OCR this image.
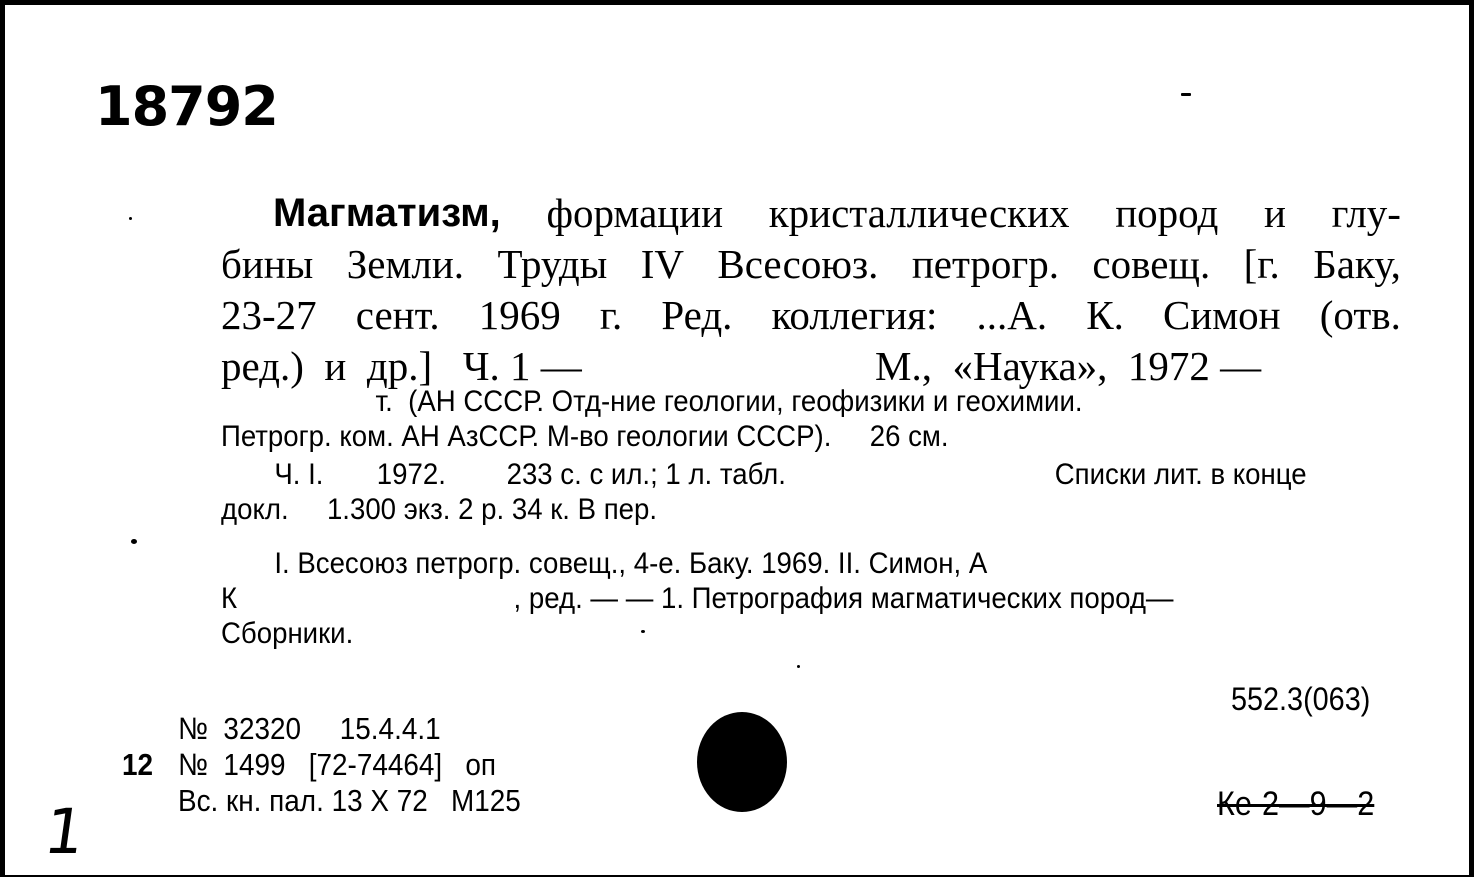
18792
Магматизм, формации кристаллических пород и глу-
бины Земли. Труды IV Всесоюз. петрогр. совещ. [г. Баку,
23-27 сент. 1969 г. Ред. коллегия: ...А. К. Симон (отв.
ред.)  и  др.]   Ч. 1 —	М.,  «Наука»,  1972 —
т.  (АН СССР. Отд-ние геологии, геофизики и геохимии.
Петрогр. ком. АН АзССР. М-во геологии СССР).     26 см.
Ч. I. 1972. 233 с. с ил.; 1 л. табл.	Списки лит. в конце
докл.     1.300 экз. 2 р. 34 к. В пер.
I. Всесоюз петрогр. совещ., 4-е. Баку. 1969. II. Симон, А
К	, ред. — — 1. Петрография магматических пород—
Сборники.
552.3(063)
№  32320     15.4.4.1
12 №  1499   [72-74464]   оп
Вс. кн. пал. 13 Х 72   М125	Ке-2—9—2
1
